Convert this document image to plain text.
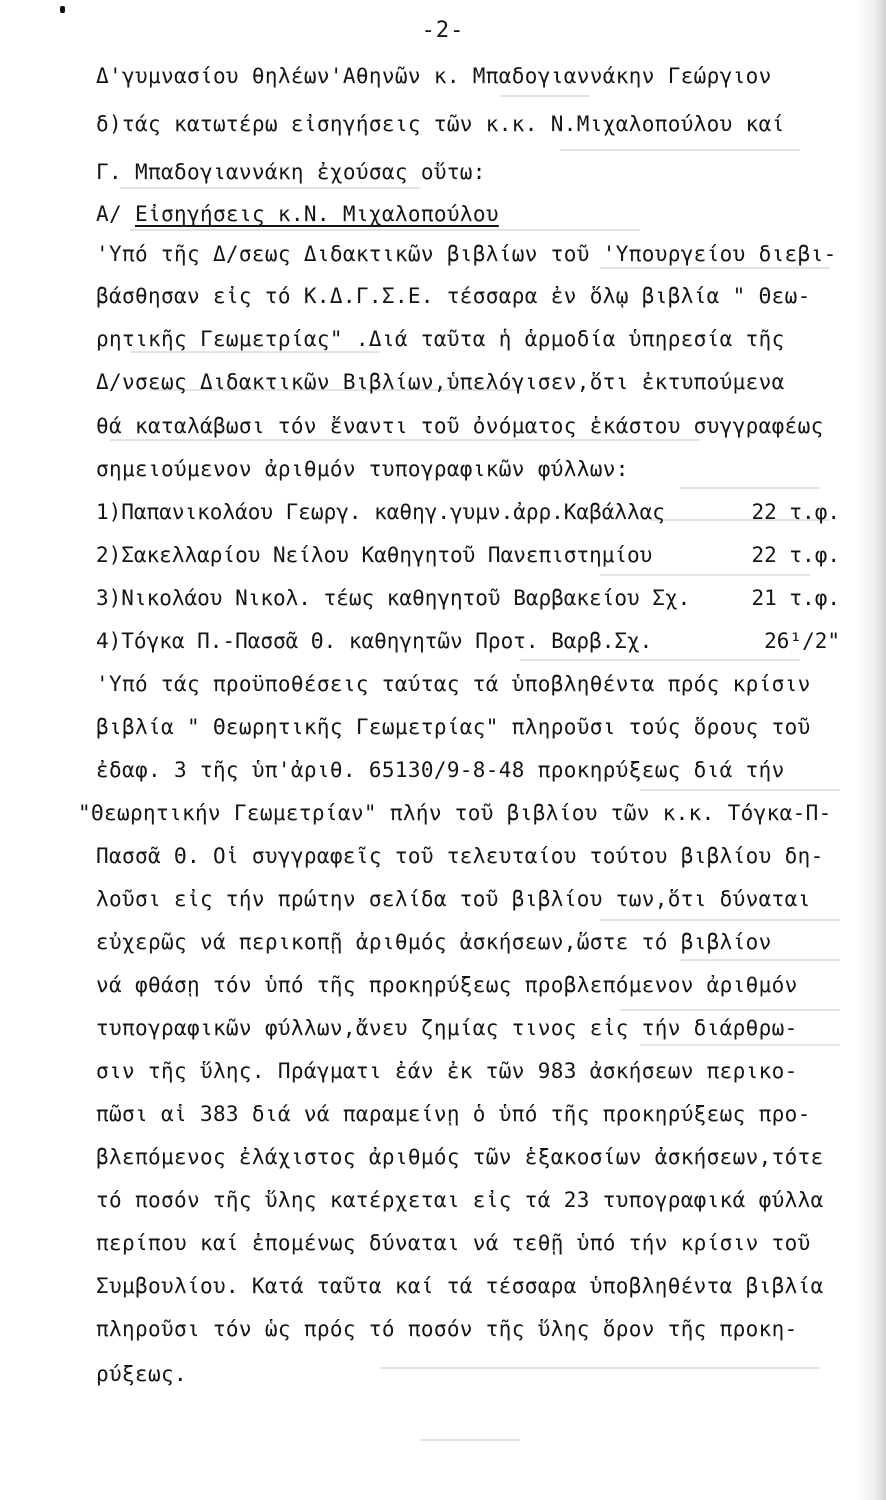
-2-
Δ'γυμνασίου θηλέων'Αθηνῶν κ. Μπαδογιαννάκην Γεώργιον
δ)τάς κατωτέρω εἰσηγήσεις τῶν κ.κ. Ν.Μιχαλοπούλου καί
Γ. Μπαδογιαννάκη ἐχούσας οὕτω:
A/ Εἰσηγήσεις κ.Ν. Μιχαλοπούλου
'Υπό τῆς Δ/σεως Διδακτικῶν βιβλίων τοῦ 'Υπουργείου διεβι-
βάσθησαν εἰς τό Κ.Δ.Γ.Σ.Ε. τέσσαρα ἐν ὅλῳ βιβλία " Θεω-
ρητικῆς Γεωμετρίας" .Διά ταῦτα ἡ ἁρμοδία ὑπηρεσία τῆς
Δ/νσεως Διδακτικῶν Βιβλίων,ὑπελόγισεν,ὅτι ἐκτυπούμενα
θά καταλάβωσι τόν ἔναντι τοῦ ὀνόματος ἑκάστου συγγραφέως
σημειούμενον ἀριθμόν τυπογραφικῶν φύλλων:
1)Παπανικολάου Γεωργ. καθηγ.γυμν.ἀρρ.Καβάλλας	22 τ.φ.
2)Σακελλαρίου Νείλου Καθηγητοῦ Πανεπιστημίου	22 τ.φ.
3)Νικολάου Νικολ. τέως καθηγητοῦ Βαρβακείου Σχ.	21 τ.φ.
4)Τόγκα Π.-Πασσᾶ Θ. καθηγητῶν Προτ. Βαρβ.Σχ.	26¹/2"
'Υπό τάς προϋποθέσεις ταύτας τά ὑποβληθέντα πρός κρίσιν
βιβλία " Θεωρητικῆς Γεωμετρίας" πληροῦσι τούς ὅρους τοῦ
ἐδαφ. 3 τῆς ὑπ'ἀριθ. 65130/9-8-48 προκηρύξεως διά τήν
"Θεωρητικήν Γεωμετρίαν" πλήν τοῦ βιβλίου τῶν κ.κ. Τόγκα-Π-
Πασσᾶ Θ. Οἱ συγγραφεῖς τοῦ τελευταίου τούτου βιβλίου δη-
λοῦσι εἰς τήν πρώτην σελίδα τοῦ βιβλίου των,ὅτι δύναται
εὐχερῶς νά περικοπῇ ἀριθμός ἀσκήσεων,ὥστε τό βιβλίον
νά φθάσῃ τόν ὑπό τῆς προκηρύξεως προβλεπόμενον ἀριθμόν
τυπογραφικῶν φύλλων,ἄνευ ζημίας τινος εἰς τήν διάρθρω-
σιν τῆς ὕλης. Πράγματι ἐάν ἐκ τῶν 983 ἀσκήσεων περικο-
πῶσι αἱ 383 διά νά παραμείνῃ ὁ ὑπό τῆς προκηρύξεως προ-
βλεπόμενος ἐλάχιστος ἀριθμός τῶν ἑξακοσίων ἀσκήσεων,τότε
τό ποσόν τῆς ὕλης κατέρχεται εἰς τά 23 τυπογραφικά φύλλα
περίπου καί ἐπομένως δύναται νά τεθῇ ὑπό τήν κρίσιν τοῦ
Συμβουλίου. Κατά ταῦτα καί τά τέσσαρα ὑποβληθέντα βιβλία
πληροῦσι τόν ὡς πρός τό ποσόν τῆς ὕλης ὅρον τῆς προκη-
ρύξεως.
